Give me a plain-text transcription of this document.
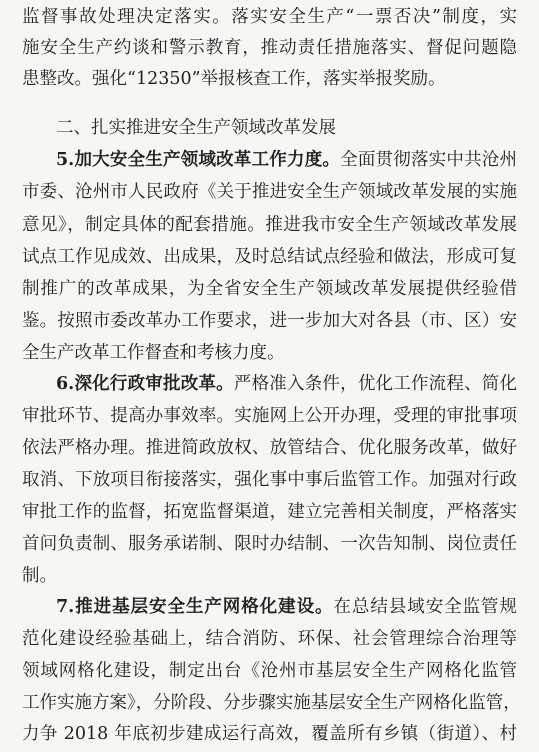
监督事故处理决定落实。落实安全生产“一票否决”制度，实
施安全生产约谈和警示教育，推动责任措施落实、督促问题隐
患整改。强化“12350”举报核查工作，落实举报奖励。
二、扎实推进安全生产领域改革发展
5.加大安全生产领域改革工作力度。全面贯彻落实中共沧州
市委、沧州市人民政府《关于推进安全生产领域改革发展的实施
意见》，制定具体的配套措施。推进我市安全生产领域改革发展
试点工作见成效、出成果，及时总结试点经验和做法，形成可复
制推广的改革成果，为全省安全生产领域改革发展提供经验借
鉴。按照市委改革办工作要求，进一步加大对各县（市、区）安
全生产改革工作督查和考核力度。
6.深化行政审批改革。严格准入条件，优化工作流程、简化
审批环节、提高办事效率。实施网上公开办理，受理的审批事项
依法严格办理。推进简政放权、放管结合、优化服务改革，做好
取消、下放项目衔接落实，强化事中事后监管工作。加强对行政
审批工作的监督，拓宽监督渠道，建立完善相关制度，严格落实
首问负责制、服务承诺制、限时办结制、一次告知制、岗位责任
制。
7.推进基层安全生产网格化建设。在总结县域安全监管规
范化建设经验基础上，结合消防、环保、社会管理综合治理等
领域网格化建设，制定出台《沧州市基层安全生产网格化监管
工作实施方案》，分阶段、分步骤实施基层安全生产网格化监管，
力争 2018 年底初步建成运行高效，覆盖所有乡镇（街道）、村
